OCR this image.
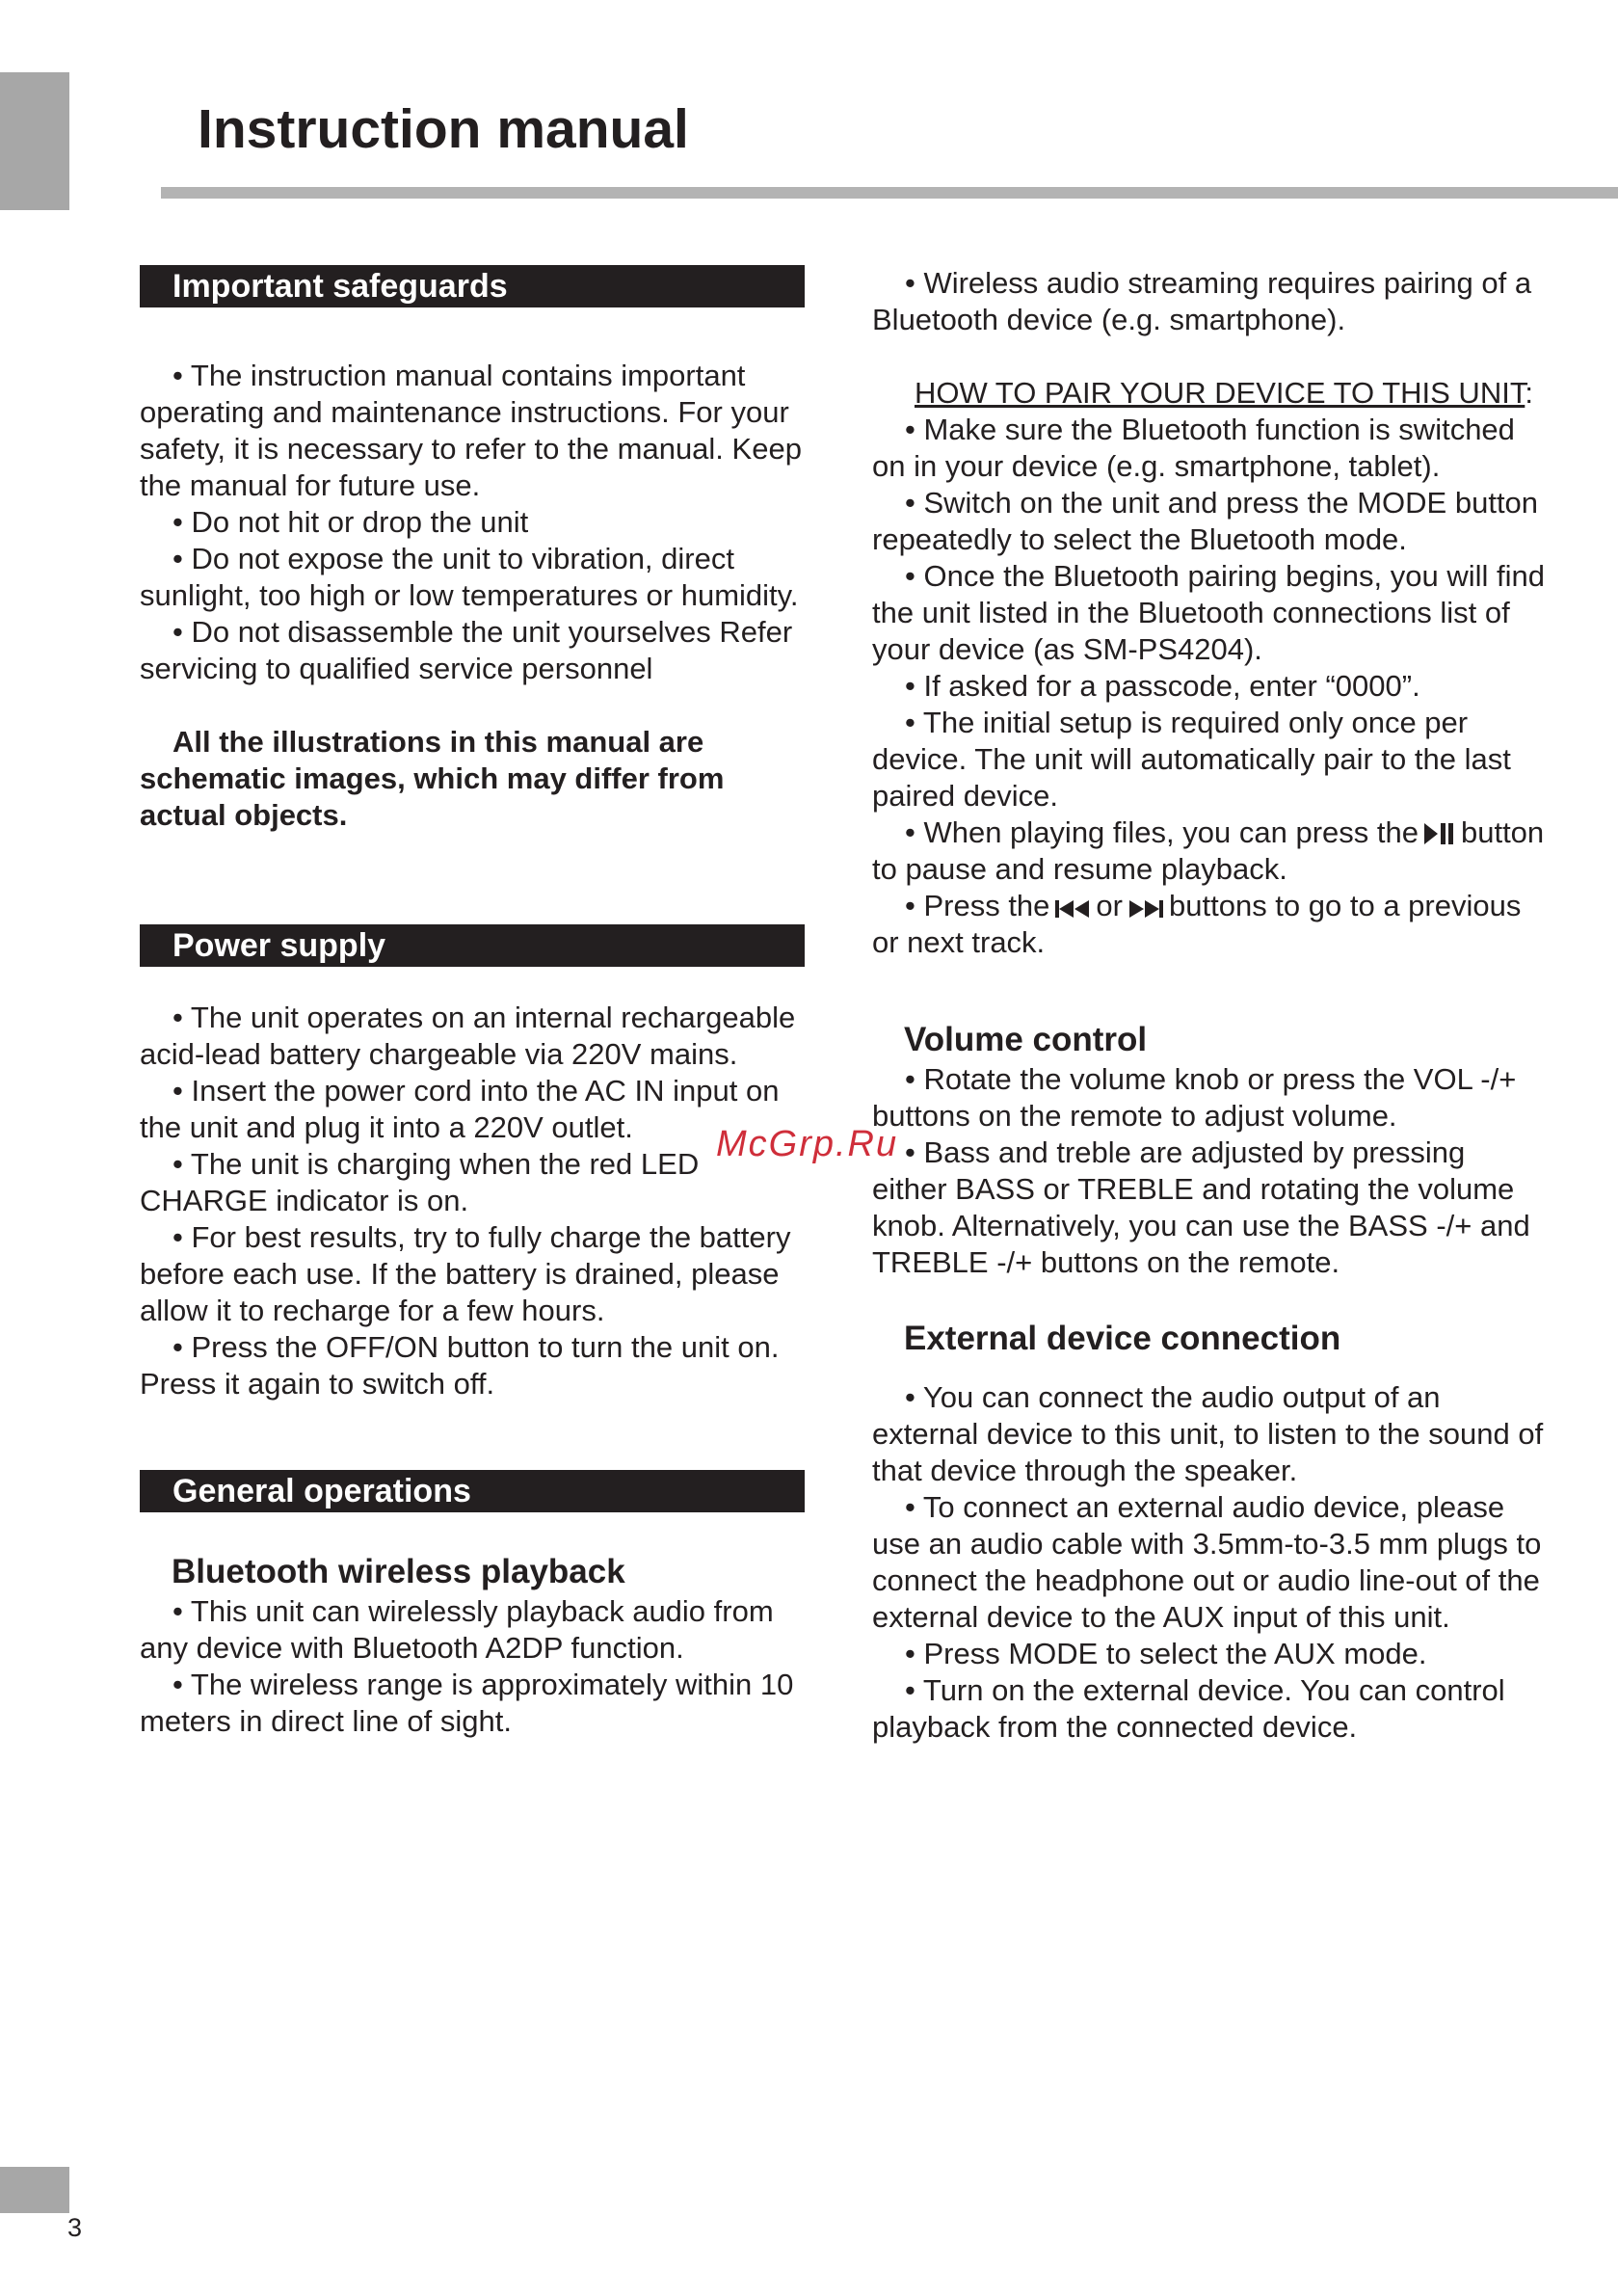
Instruction manual
Important safeguards

• The instruction manual contains important operating and maintenance instructions. For your safety, it is necessary to refer to the manual. Keep the manual for future use.

• Do not hit or drop the unit

• Do not expose the unit to vibration, direct sunlight, too high or low temperatures or humidity.

• Do not disassemble the unit yourselves Refer servicing to qualified service personnel

All the illustrations in this manual are schematic images, which may differ from actual objects.

Power supply

• The unit operates on an internal rechargeable acid-lead battery chargeable via 220V mains.

• Insert the power cord into the AC IN input on the unit and plug it into a 220V outlet.

• The unit is charging when the red LED CHARGE indicator is on.

• For best results, try to fully charge the battery before each use. If the battery is drained, please allow it to recharge for a few hours.

• Press the OFF/ON button to turn the unit on. Press it again to switch off.

General operations
Bluetooth wireless playback

• This unit can wirelessly playback audio from any device with Bluetooth A2DP function.

• The wireless range is approximately within 10 meters in direct line of sight.

• Wireless audio streaming requires pairing of a Bluetooth device (e.g. smartphone).

HOW TO PAIR YOUR DEVICE TO THIS UNIT:

• Make sure the Bluetooth function is switched on in your device (e.g. smartphone, tablet).

• Switch on the unit and press the MODE button repeatedly to select the Bluetooth mode.

• Once the Bluetooth pairing begins, you will find the unit listed in the Bluetooth connections list of your device (as SM-PS4204).

• If asked for a passcode, enter “0000”.

• The initial setup is required only once per device. The unit will automatically pair to the last paired device.

• When playing files, you can press the button to pause and resume playback.

• Press the or buttons to go to a previous or next track.

Volume control

• Rotate the volume knob or press the VOL -/+ buttons on the remote to adjust volume.

• Bass and treble are adjusted by pressing either BASS or TREBLE and rotating the volume knob. Alternatively, you can use the BASS -/+ and TREBLE -/+ buttons on the remote.

External device connection

• You can connect the audio output of an external device to this unit, to listen to the sound of that device through the speaker.

• To connect an external audio device, please use an audio cable with 3.5mm-to-3.5 mm plugs to connect the headphone out or audio line-out of the external device to the AUX input of this unit.

• Press MODE to select the AUX mode.

• Turn on the external device. You can control playback from the connected device.

McGrp.Ru
3
